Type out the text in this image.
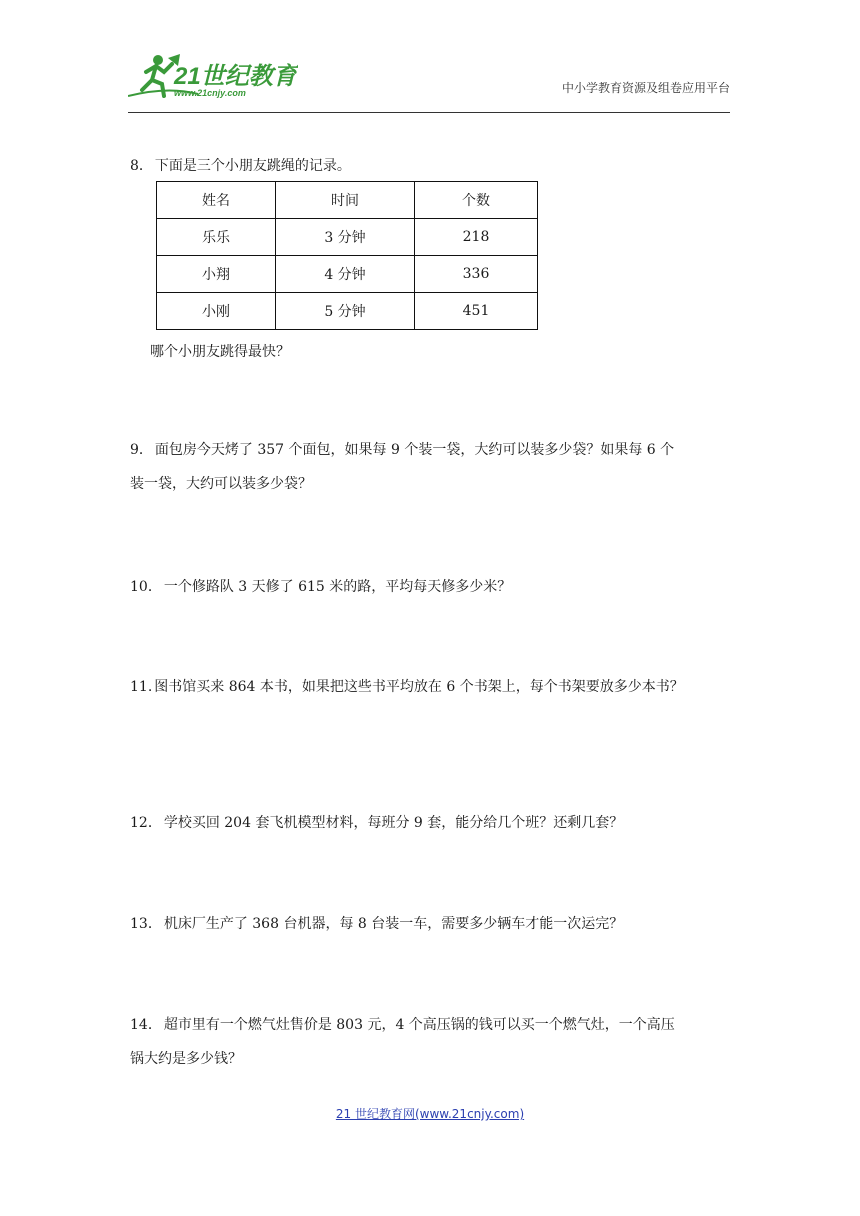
21世纪教育
www.21cnjy.com	中小学教育资源及组卷应用平台
8． 下面是三个小朋友跳绳的记录。
姓名	时间	个数
乐乐	3 分钟	218
小翔	4 分钟	336
小刚	5 分钟	451
哪个小朋友跳得最快？
9． 面包房今天烤了 357 个面包，如果每 9 个装一袋，大约可以装多少袋？如果每 6 个
装一袋，大约可以装多少袋？
10． 一个修路队 3 天修了 615 米的路，平均每天修多少米？
11. 图书馆买来 864 本书，如果把这些书平均放在 6 个书架上，每个书架要放多少本书？
12． 学校买回 204 套飞机模型材料，每班分 9 套，能分给几个班？还剩几套？
13． 机床厂生产了 368 台机器，每 8 台装一车，需要多少辆车才能一次运完？
14． 超市里有一个燃气灶售价是 803 元，4 个高压锅的钱可以买一个燃气灶，一个高压
锅大约是多少钱？
21 世纪教育网(www.21cnjy.com)
